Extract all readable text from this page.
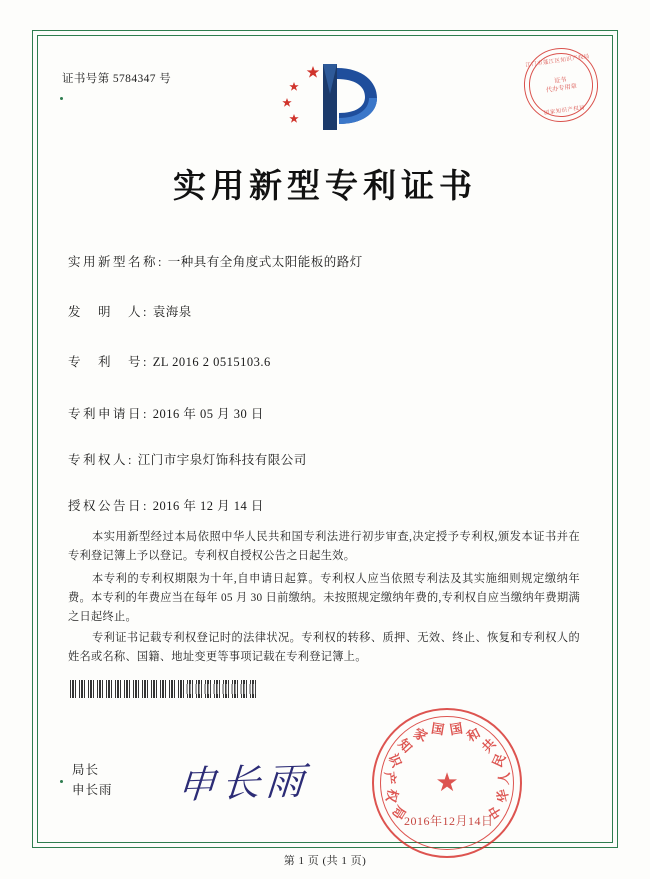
证书号第 5784347 号
江门市蓬江区知识产权局
证书
代办专用章
国家知识产权局
实用新型专利证书
实用新型名称: 一种具有全角度式太阳能板的路灯
发　明　人: 袁海泉
专　利　号: ZL 2016 2 0515103.6
专利申请日: 2016 年 05 月 30 日
专利权人: 江门市宇泉灯饰科技有限公司
授权公告日: 2016 年 12 月 14 日
本实用新型经过本局依照中华人民共和国专利法进行初步审查,决定授予专利权,颁发本证书并在专利登记簿上予以登记。专利权自授权公告之日起生效。
本专利的专利权期限为十年,自申请日起算。专利权人应当依照专利法及其实施细则规定缴纳年费。本专利的年费应当在每年 05 月 30 日前缴纳。未按照规定缴纳年费的,专利权自应当缴纳年费期满之日起终止。
专利证书记载专利权登记时的法律状况。专利权的转移、质押、无效、终止、恢复和专利权人的姓名或名称、国籍、地址变更等事项记载在专利登记簿上。
局长
申长雨 申长雨	★
中
华
人
民
共
和
国
国
家
知
识
产
权
局
2016年12月14日
第 1 页 (共 1 页)
